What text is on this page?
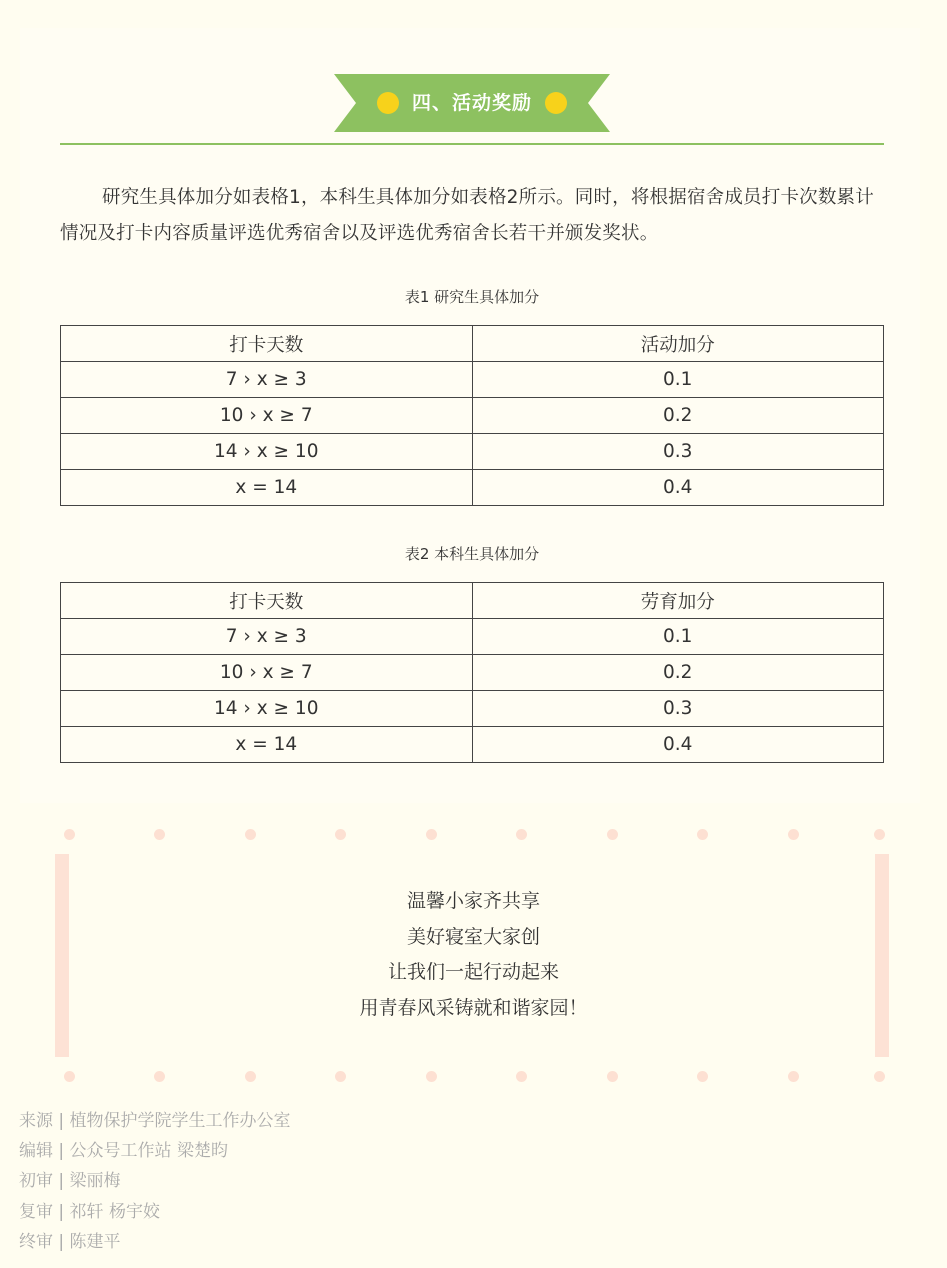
四、活动奖励
研究生具体加分如表格1，本科生具体加分如表格2所示。同时，将根据宿舍成员打卡次数累计情况及打卡内容质量评选优秀宿舍以及评选优秀宿舍长若干并颁发奖状。
表1 研究生具体加分
打卡天数	活动加分
7 › x ≥ 3	0.1
10 › x ≥ 7	0.2
14 › x ≥ 10	0.3
x = 14	0.4
表2 本科生具体加分
打卡天数	劳育加分
7 › x ≥ 3	0.1
10 › x ≥ 7	0.2
14 › x ≥ 10	0.3
x = 14	0.4
温馨小家齐共享
美好寝室大家创
让我们一起行动起来
用青春风采铸就和谐家园！
来源 | 植物保护学院学生工作办公室
编辑 | 公众号工作站 梁楚昀
初审 | 梁丽梅
复审 | 祁轩 杨宇姣
终审 | 陈建平
